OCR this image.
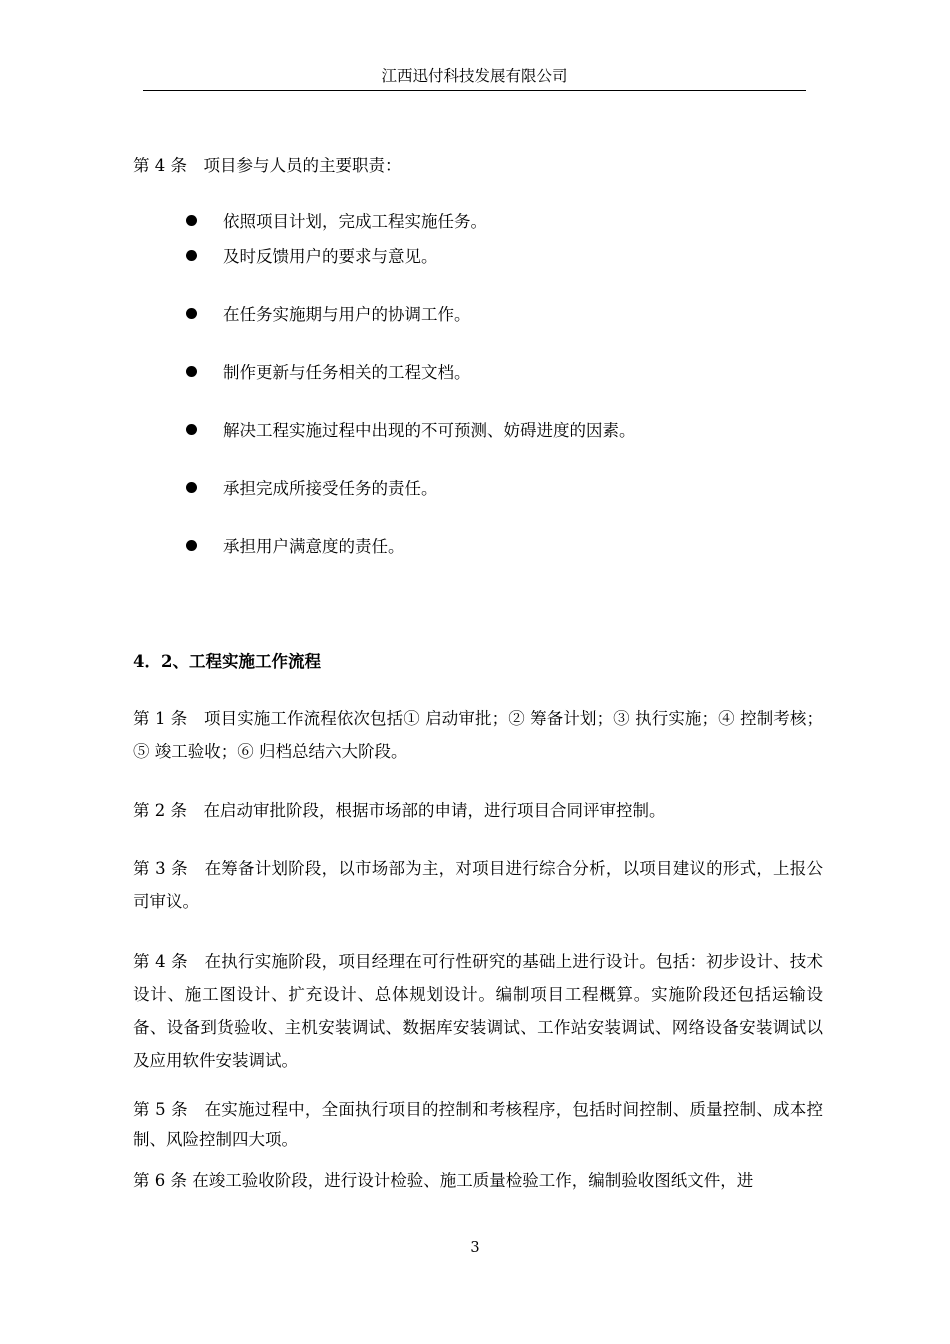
江西迅付科技发展有限公司
第 4 条　项目参与人员的主要职责：
依照项目计划，完成工程实施任务。
及时反馈用户的要求与意见。
在任务实施期与用户的协调工作。
制作更新与任务相关的工程文档。
解决工程实施过程中出现的不可预测、妨碍进度的因素。
承担完成所接受任务的责任。
承担用户满意度的责任。
4．2、工程实施工作流程
第 1 条　项目实施工作流程依次包括① 启动审批；② 筹备计划；③ 执行实施；④ 控制考核；⑤ 竣工验收；⑥ 归档总结六大阶段。
第 2 条　在启动审批阶段，根据市场部的申请，进行项目合同评审控制。
第 3 条　在筹备计划阶段，以市场部为主，对项目进行综合分析，以项目建议的形式，上报公司审议。
第 4 条　在执行实施阶段，项目经理在可行性研究的基础上进行设计。包括：初步设计、技术设计、施工图设计、扩充设计、总体规划设计。编制项目工程概算。实施阶段还包括运输设备、设备到货验收、主机安装调试、数据库安装调试、工作站安装调试、网络设备安装调试以及应用软件安装调试。
第 5 条　在实施过程中，全面执行项目的控制和考核程序，包括时间控制、质量控制、成本控制、风险控制四大项。
第 6 条 在竣工验收阶段，进行设计检验、施工质量检验工作，编制验收图纸文件，进
3
